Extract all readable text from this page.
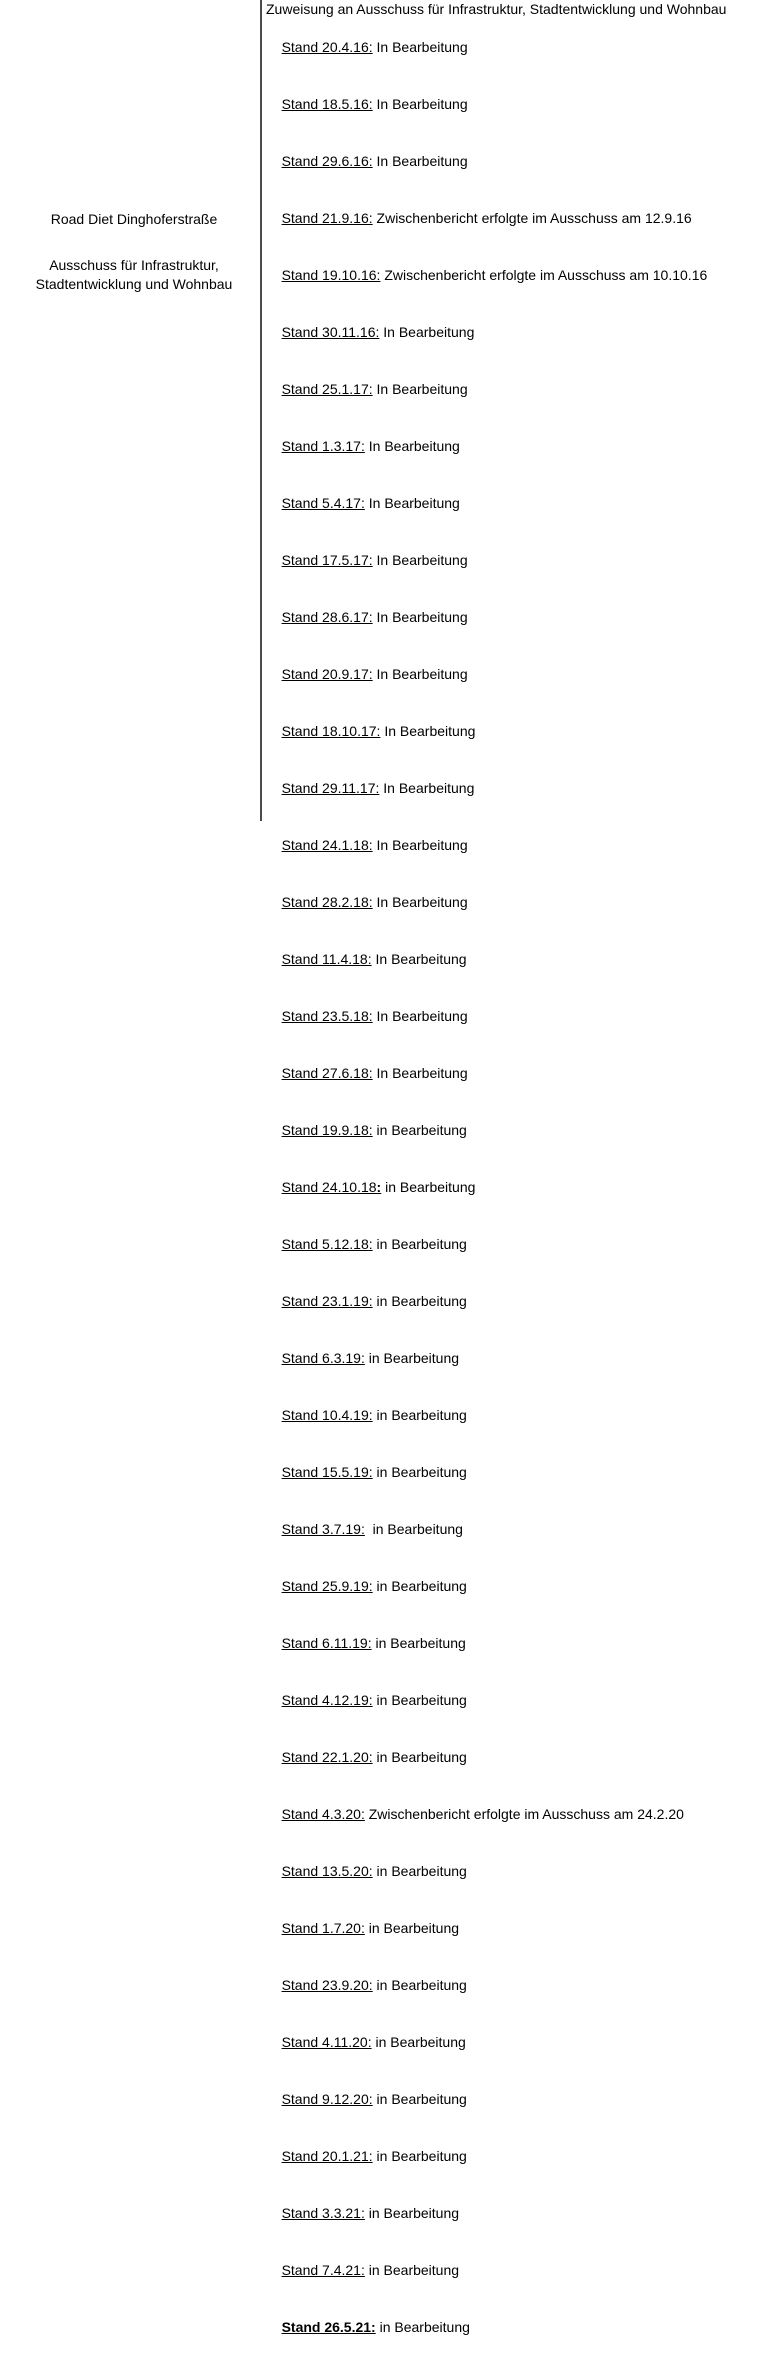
Road Diet Dinghoferstraße

Ausschuss für Infrastruktur, Stadtentwicklung und Wohnbau

Zuweisung an Ausschuss für Infrastruktur, Stadtentwicklung und Wohnbau

Stand 20.4.16: In Bearbeitung

Stand 18.5.16: In Bearbeitung

Stand 29.6.16: In Bearbeitung

Stand 21.9.16: Zwischenbericht erfolgte im Ausschuss am 12.9.16

Stand 19.10.16: Zwischenbericht erfolgte im Ausschuss am 10.10.16

Stand 30.11.16: In Bearbeitung

Stand 25.1.17: In Bearbeitung

Stand 1.3.17: In Bearbeitung

Stand 5.4.17: In Bearbeitung

Stand 17.5.17: In Bearbeitung

Stand 28.6.17: In Bearbeitung

Stand 20.9.17: In Bearbeitung

Stand 18.10.17: In Bearbeitung

Stand 29.11.17: In Bearbeitung

Stand 24.1.18: In Bearbeitung

Stand 28.2.18: In Bearbeitung

Stand 11.4.18: In Bearbeitung

Stand 23.5.18: In Bearbeitung

Stand 27.6.18: In Bearbeitung

Stand 19.9.18: in Bearbeitung

Stand 24.10.18: in Bearbeitung

Stand 5.12.18: in Bearbeitung

Stand 23.1.19: in Bearbeitung

Stand 6.3.19: in Bearbeitung

Stand 10.4.19: in Bearbeitung

Stand 15.5.19: in Bearbeitung

Stand 3.7.19:  in Bearbeitung

Stand 25.9.19: in Bearbeitung

Stand 6.11.19: in Bearbeitung

Stand 4.12.19: in Bearbeitung

Stand 22.1.20: in Bearbeitung

Stand 4.3.20: Zwischenbericht erfolgte im Ausschuss am 24.2.20

Stand 13.5.20: in Bearbeitung

Stand 1.7.20: in Bearbeitung

Stand 23.9.20: in Bearbeitung

Stand 4.11.20: in Bearbeitung

Stand 9.12.20: in Bearbeitung

Stand 20.1.21: in Bearbeitung

Stand 3.3.21: in Bearbeitung

Stand 7.4.21: in Bearbeitung

Stand 26.5.21: in Bearbeitung
